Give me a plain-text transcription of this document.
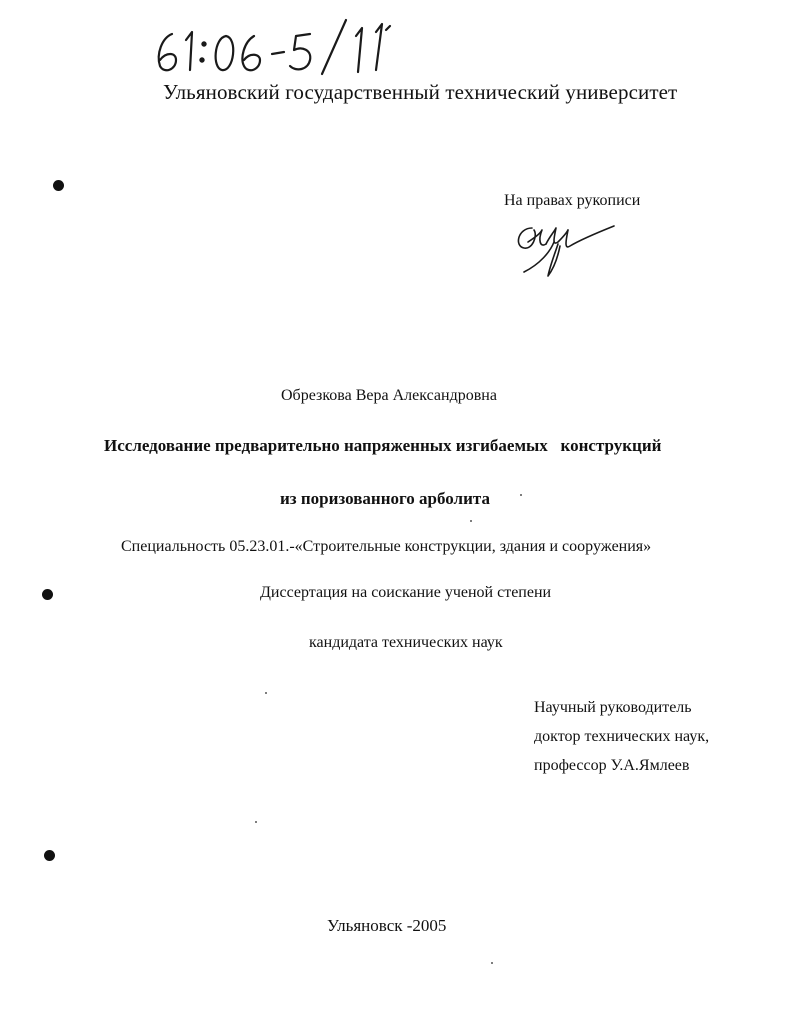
Ульяновский государственный технический университет
На правах рукописи
Обрезкова Вера Александровна
Исследование предварительно напряженных изгибаемых   конструкций
из поризованного арболита
Специальность 05.23.01.-«Строительные конструкции, здания и сооружения»
Диссертация на соискание ученой степени
кандидата технических наук
Научный руководитель
доктор технических наук,
профессор У.А.Ямлеев
Ульяновск -2005
